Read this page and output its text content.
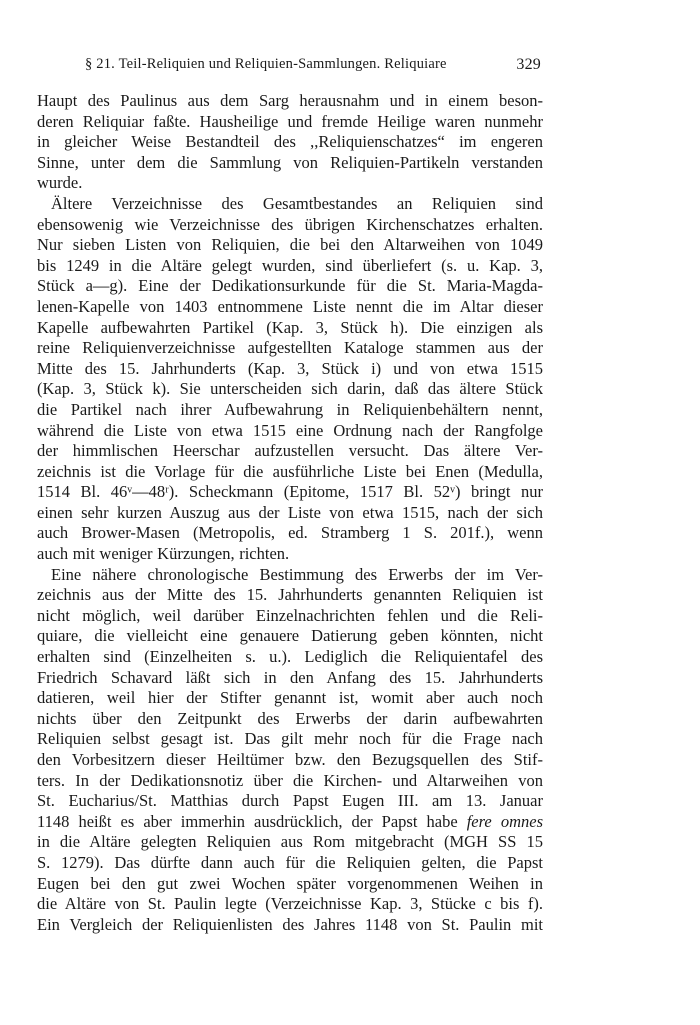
§ 21. Teil-Reliquien und Reliquien-Sammlungen. Reliquiare	329
Haupt des Paulinus aus dem Sarg herausnahm und in einem beson-
deren Reliquiar faßte. Hausheilige und fremde Heilige waren nunmehr
in gleicher Weise Bestandteil des ,,Reliquienschatzes“ im engeren
Sinne, unter dem die Sammlung von Reliquien-Partikeln verstanden
wurde.
Ältere Verzeichnisse des Gesamtbestandes an Reliquien sind
ebensowenig wie Verzeichnisse des übrigen Kirchenschatzes erhalten.
Nur sieben Listen von Reliquien, die bei den Altarweihen von 1049
bis 1249 in die Altäre gelegt wurden, sind überliefert (s. u. Kap. 3,
Stück a—g). Eine der Dedikationsurkunde für die St. Maria-Magda-
lenen-Kapelle von 1403 entnommene Liste nennt die im Altar dieser
Kapelle aufbewahrten Partikel (Kap. 3, Stück h). Die einzigen als
reine Reliquienverzeichnisse aufgestellten Kataloge stammen aus der
Mitte des 15. Jahrhunderts (Kap. 3, Stück i) und von etwa 1515
(Kap. 3, Stück k). Sie unterscheiden sich darin, daß das ältere Stück
die Partikel nach ihrer Aufbewahrung in Reliquienbehältern nennt,
während die Liste von etwa 1515 eine Ordnung nach der Rangfolge
der himmlischen Heerschar aufzustellen versucht. Das ältere Ver-
zeichnis ist die Vorlage für die ausführliche Liste bei Enen (Medulla,
1514 Bl. 46ᵛ—48ʳ). Scheckmann (Epitome, 1517 Bl. 52ᵛ) bringt nur
einen sehr kurzen Auszug aus der Liste von etwa 1515, nach der sich
auch Brower-Masen (Metropolis, ed. Stramberg 1 S. 201f.), wenn
auch mit weniger Kürzungen, richten.
Eine nähere chronologische Bestimmung des Erwerbs der im Ver-
zeichnis aus der Mitte des 15. Jahrhunderts genannten Reliquien ist
nicht möglich, weil darüber Einzelnachrichten fehlen und die Reli-
quiare, die vielleicht eine genauere Datierung geben könnten, nicht
erhalten sind (Einzelheiten s. u.). Lediglich die Reliquientafel des
Friedrich Schavard läßt sich in den Anfang des 15. Jahrhunderts
datieren, weil hier der Stifter genannt ist, womit aber auch noch
nichts über den Zeitpunkt des Erwerbs der darin aufbewahrten
Reliquien selbst gesagt ist. Das gilt mehr noch für die Frage nach
den Vorbesitzern dieser Heiltümer bzw. den Bezugsquellen des Stif-
ters. In der Dedikationsnotiz über die Kirchen- und Altarweihen von
St. Eucharius/St. Matthias durch Papst Eugen III. am 13. Januar
1148 heißt es aber immerhin ausdrücklich, der Papst habe fere omnes
in die Altäre gelegten Reliquien aus Rom mitgebracht (MGH SS 15
S. 1279). Das dürfte dann auch für die Reliquien gelten, die Papst
Eugen bei den gut zwei Wochen später vorgenommenen Weihen in
die Altäre von St. Paulin legte (Verzeichnisse Kap. 3, Stücke c bis f).
Ein Vergleich der Reliquienlisten des Jahres 1148 von St. Paulin mit
